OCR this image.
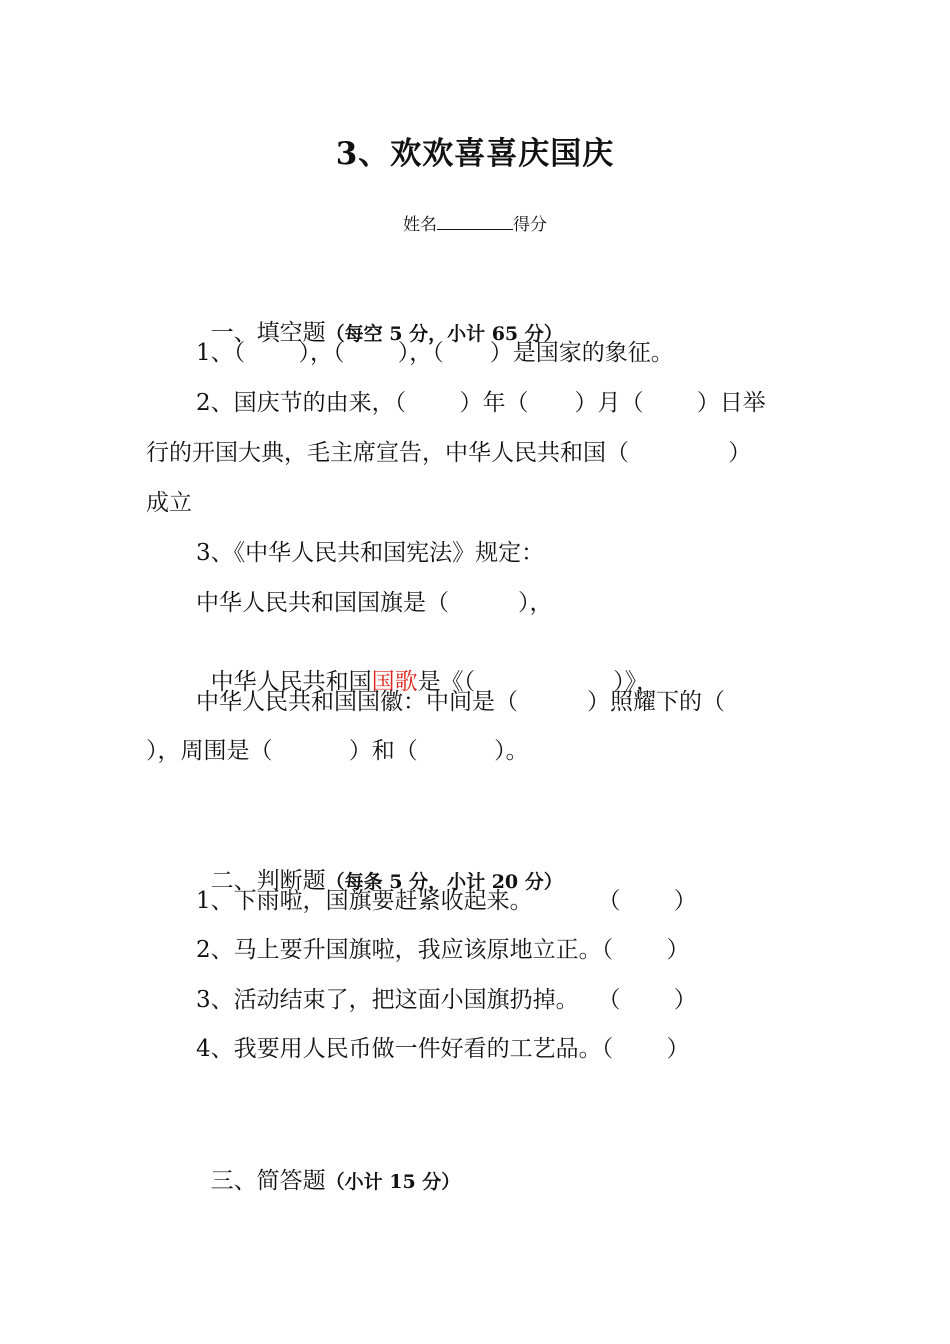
3、欢欢喜喜庆国庆
姓名	得分

一、填空题（每空 5 分，小计 65 分）

1、（　　 ），（　　 ），（　　）是国家的象征。
2、国庆节的由来，（　　 ）年（　　）月（　　 ）日举
行的开国大典，毛主席宣告，中华人民共和国（　　　　 ）
成立
3、《中华人民共和国宪法》规定：
中华人民共和国国旗是（　　　），

中华人民共和国国歌是《（　　　　　　）》，

中华人民共和国国徽：中间是（　　　）照耀下的（
），周围是（　　　 ）和（　　　 ）。

二、判断题（每条 5 分，小计 20 分）

1、下雨啦，国旗要赶紧收起来。　　　 （　　 ）
2、马上要升国旗啦，我应该原地立正。（　　 ）
3、活动结束了，把这面小国旗扔掉。　 （　　 ）
4、我要用人民币做一件好看的工艺品。（　　 ）

三、简答题（小计 15 分）
